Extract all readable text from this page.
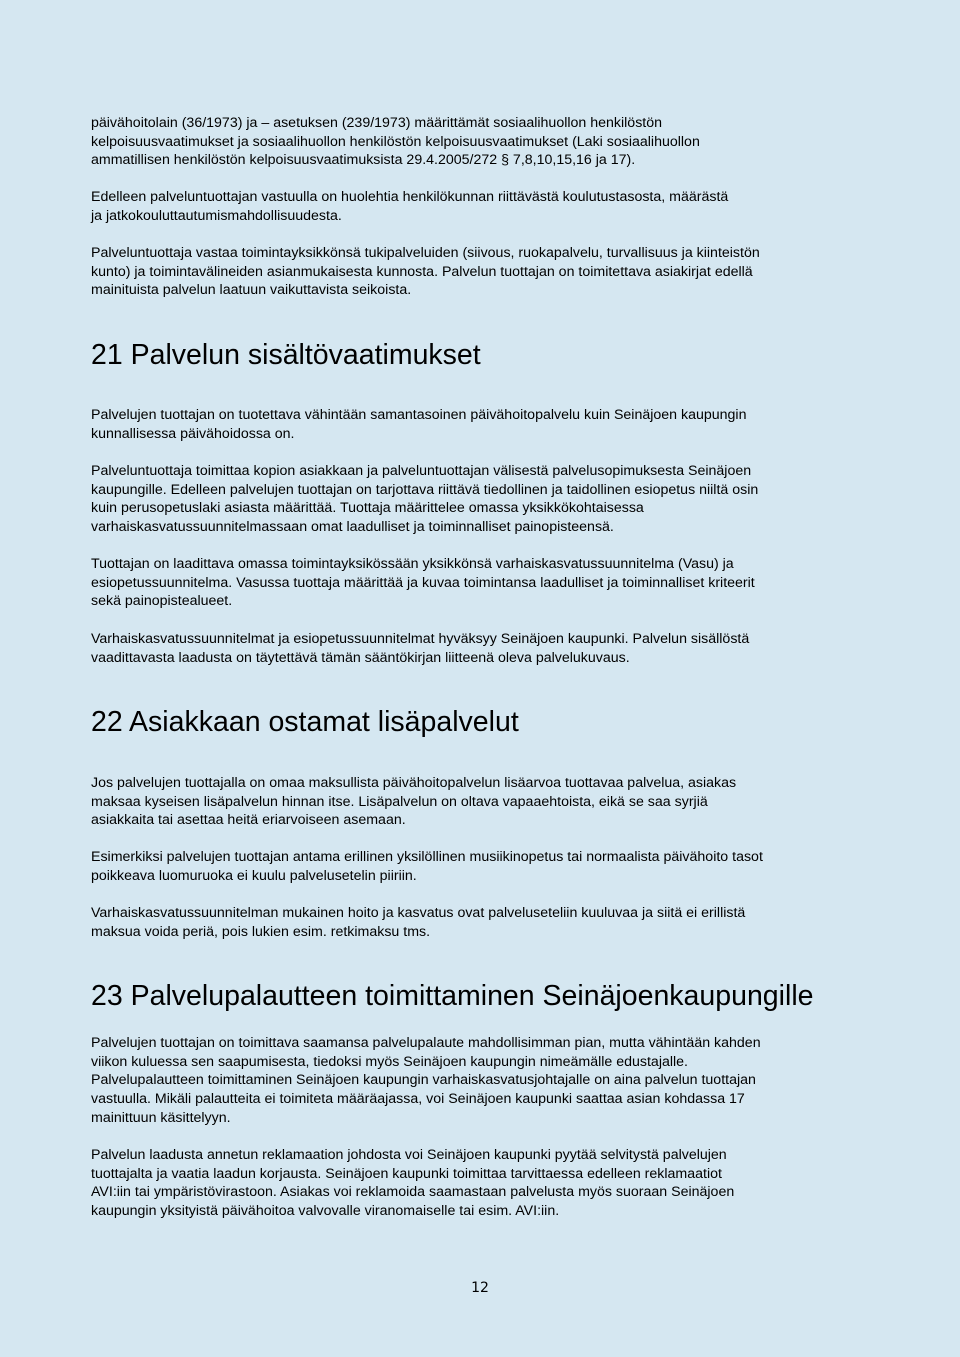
päivähoitolain (36/1973) ja – asetuksen (239/1973) määrittämät sosiaalihuollon henkilöstön
kelpoisuusvaatimukset ja sosiaalihuollon henkilöstön kelpoisuusvaatimukset (Laki sosiaalihuollon
ammatillisen henkilöstön kelpoisuusvaatimuksista 29.4.2005/272 § 7,8,10,15,16 ja 17).

Edelleen palveluntuottajan vastuulla on huolehtia henkilökunnan riittävästä koulutustasosta, määrästä
ja jatkokouluttautumismahdollisuudesta.

Palveluntuottaja vastaa toimintayksikkönsä tukipalveluiden (siivous, ruokapalvelu, turvallisuus ja kiinteistön
kunto) ja toimintavälineiden asianmukaisesta kunnosta. Palvelun tuottajan on toimitettava asiakirjat edellä
mainituista palvelun laatuun vaikuttavista seikoista.

21 Palvelun sisältövaatimukset

Palvelujen tuottajan on tuotettava vähintään samantasoinen päivähoitopalvelu kuin Seinäjoen kaupungin
kunnallisessa päivähoidossa on.

Palveluntuottaja toimittaa kopion asiakkaan ja palveluntuottajan välisestä palvelusopimuksesta Seinäjoen
kaupungille. Edelleen palvelujen tuottajan on tarjottava riittävä tiedollinen ja taidollinen esiopetus niiltä osin
kuin perusopetuslaki asiasta määrittää. Tuottaja määrittelee omassa yksikkökohtaisessa
varhaiskasvatussuunnitelmassaan omat laadulliset ja toiminnalliset painopisteensä.

Tuottajan on laadittava omassa toimintayksikössään yksikkönsä varhaiskasvatussuunnitelma (Vasu) ja
esiopetussuunnitelma. Vasussa tuottaja määrittää ja kuvaa toimintansa laadulliset ja toiminnalliset kriteerit
sekä painopistealueet.

Varhaiskasvatussuunnitelmat ja esiopetussuunnitelmat hyväksyy Seinäjoen kaupunki. Palvelun sisällöstä
vaadittavasta laadusta on täytettävä tämän sääntökirjan liitteenä oleva palvelukuvaus.

22 Asiakkaan ostamat lisäpalvelut

Jos palvelujen tuottajalla on omaa maksullista päivähoitopalvelun lisäarvoa tuottavaa palvelua, asiakas
maksaa kyseisen lisäpalvelun hinnan itse. Lisäpalvelun on oltava vapaaehtoista, eikä se saa syrjiä
asiakkaita tai asettaa heitä eriarvoiseen asemaan.

Esimerkiksi palvelujen tuottajan antama erillinen yksilöllinen musiikinopetus tai normaalista päivähoito tasot
poikkeava luomuruoka ei kuulu palvelusetelin piiriin.

Varhaiskasvatussuunnitelman mukainen hoito ja kasvatus ovat palveluseteliin kuuluvaa ja siitä ei erillistä
maksua voida periä, pois lukien esim. retkimaksu tms.

23 Palvelupalautteen toimittaminen Seinäjoenkaupungille

Palvelujen tuottajan on toimittava saamansa palvelupalaute mahdollisimman pian, mutta vähintään kahden
viikon kuluessa sen saapumisesta, tiedoksi myös Seinäjoen kaupungin nimeämälle edustajalle.
Palvelupalautteen toimittaminen Seinäjoen kaupungin varhaiskasvatusjohtajalle on aina palvelun tuottajan
vastuulla. Mikäli palautteita ei toimiteta määräajassa, voi Seinäjoen kaupunki saattaa asian kohdassa 17
mainittuun käsittelyyn.

Palvelun laadusta annetun reklamaation johdosta voi Seinäjoen kaupunki pyytää selvitystä palvelujen
tuottajalta ja vaatia laadun korjausta. Seinäjoen kaupunki toimittaa tarvittaessa edelleen reklamaatiot
AVI:iin tai ympäristövirastoon. Asiakas voi reklamoida saamastaan palvelusta myös suoraan Seinäjoen
kaupungin yksityistä päivähoitoa valvovalle viranomaiselle tai esim. AVI:iin.

12
